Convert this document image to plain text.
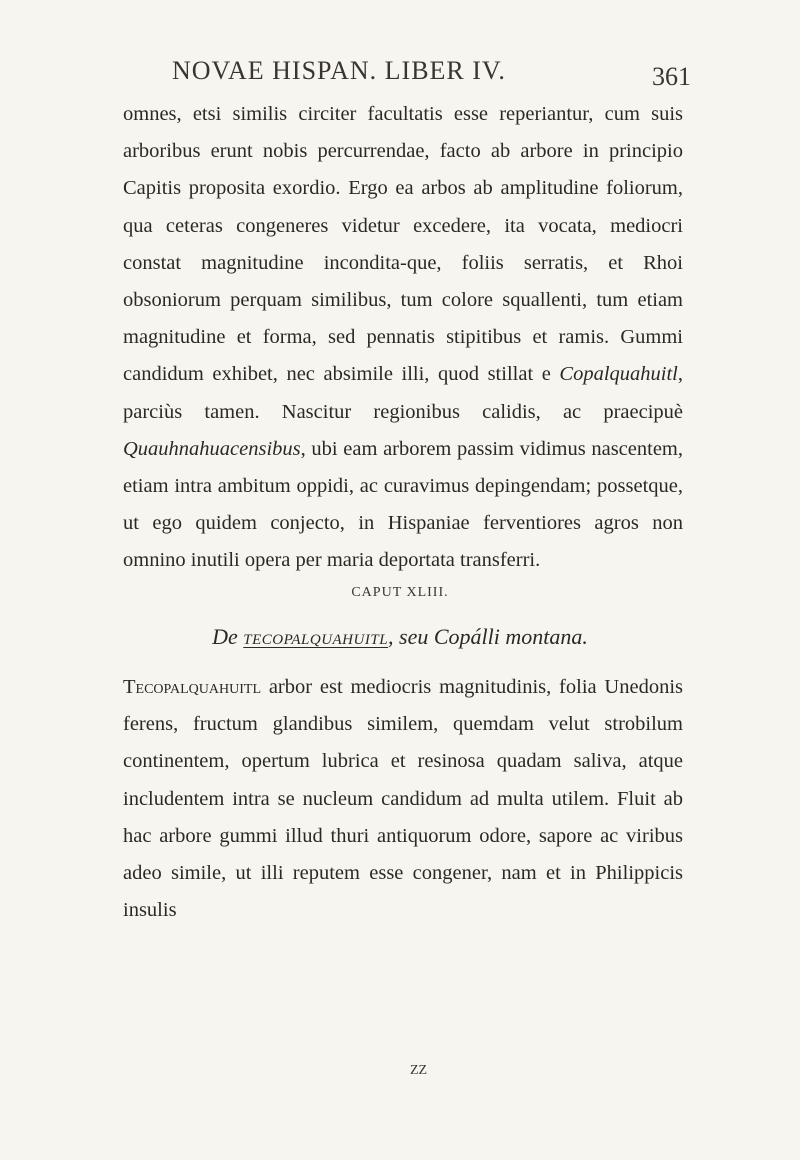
NOVAE HISPAN. LIBER IV.	361

omnes, etsi similis circiter facultatis esse reperiantur, cum suis arboribus erunt nobis percurrendae, facto ab arbore in principio Capitis proposita exordio. Ergo ea arbos ab amplitudine foliorum, qua ceteras congeneres videtur excedere, ita vocata, mediocri constat magnitudine incondita-que, foliis serratis, et Rhoi obsoniorum perquam similibus, tum colore squallenti, tum etiam magnitudine et forma, sed pennatis stipitibus et ramis. Gummi candidum exhibet, nec absimile illi, quod stillat e Copalquahuitl, parciùs tamen. Nascitur regionibus calidis, ac praecipuè Quauhnahuacensibus, ubi eam arborem passim vidimus nascentem, etiam intra ambitum oppidi, ac curavimus depingendam; possetque, ut ego quidem conjecto, in Hispaniae ferventiores agros non omnino inutili opera per maria deportata transferri.

CAPUT XLIII.
De TECOPALQUAHUITL, seu Copálli montana.

Tecopalquahuitl arbor est mediocris magnitudinis, folia Unedonis ferens, fructum glandibus similem, quemdam velut strobilum continentem, opertum lubrica et resinosa quadam saliva, atque includentem intra se nucleum candidum ad multa utilem. Fluit ab hac arbore gummi illud thuri antiquorum odore, sapore ac viribus adeo simile, ut illi reputem esse congener, nam et in Philippicis insulis

ZZ
